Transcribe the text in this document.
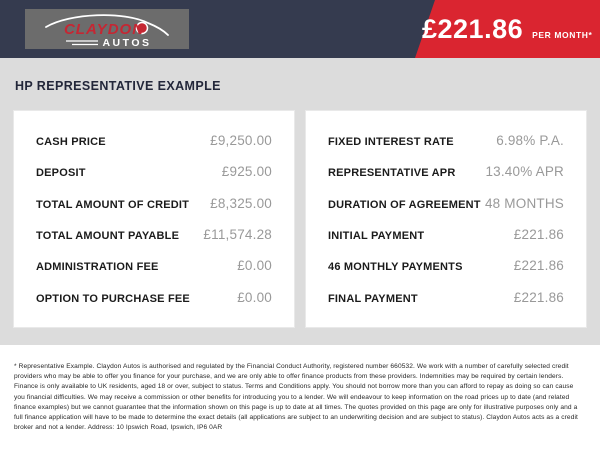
CLAYDON
AUTOS	£221.86 PER MONTH*
HP REPRESENTATIVE EXAMPLE
CASH PRICE	£9,250.00
DEPOSIT	£925.00
TOTAL AMOUNT OF CREDIT £8,325.00
TOTAL AMOUNT PAYABLE £11,574.28
ADMINISTRATION FEE	£0.00
OPTION TO PURCHASE FEE	£0.00
FIXED INTEREST RATE	6.98% P.A.
REPRESENTATIVE APR 13.40% APR
DURATION OF AGREEMENT 48 MONTHS
INITIAL PAYMENT	£221.86
46 MONTHLY PAYMENTS	£221.86
FINAL PAYMENT	£221.86

* Representative Example. Claydon Autos is authorised and regulated by the Financial Conduct Authority, registered number 660532. We work with a number of carefully selected credit providers who may be able to offer you finance for your purchase, and we are only able to offer finance products from these providers. Indemnities may be required by certain lenders. Finance is only available to UK residents, aged 18 or over, subject to status. Terms and Conditions apply. You should not borrow more than you can afford to repay as doing so can cause you financial difficulties. We may receive a commission or other benefits for introducing you to a lender. We will endeavour to keep information on the road prices up to date (and related finance examples) but we cannot guarantee that the information shown on this page is up to date at all times. The quotes provided on this page are only for illustrative purposes only and a full finance application will have to be made to determine the exact details (all applications are subject to an underwriting decision and are subject to status). Claydon Autos acts as a credit broker and not a lender. Address: 10 Ipswich Road, Ipswich, IP6 0AR
